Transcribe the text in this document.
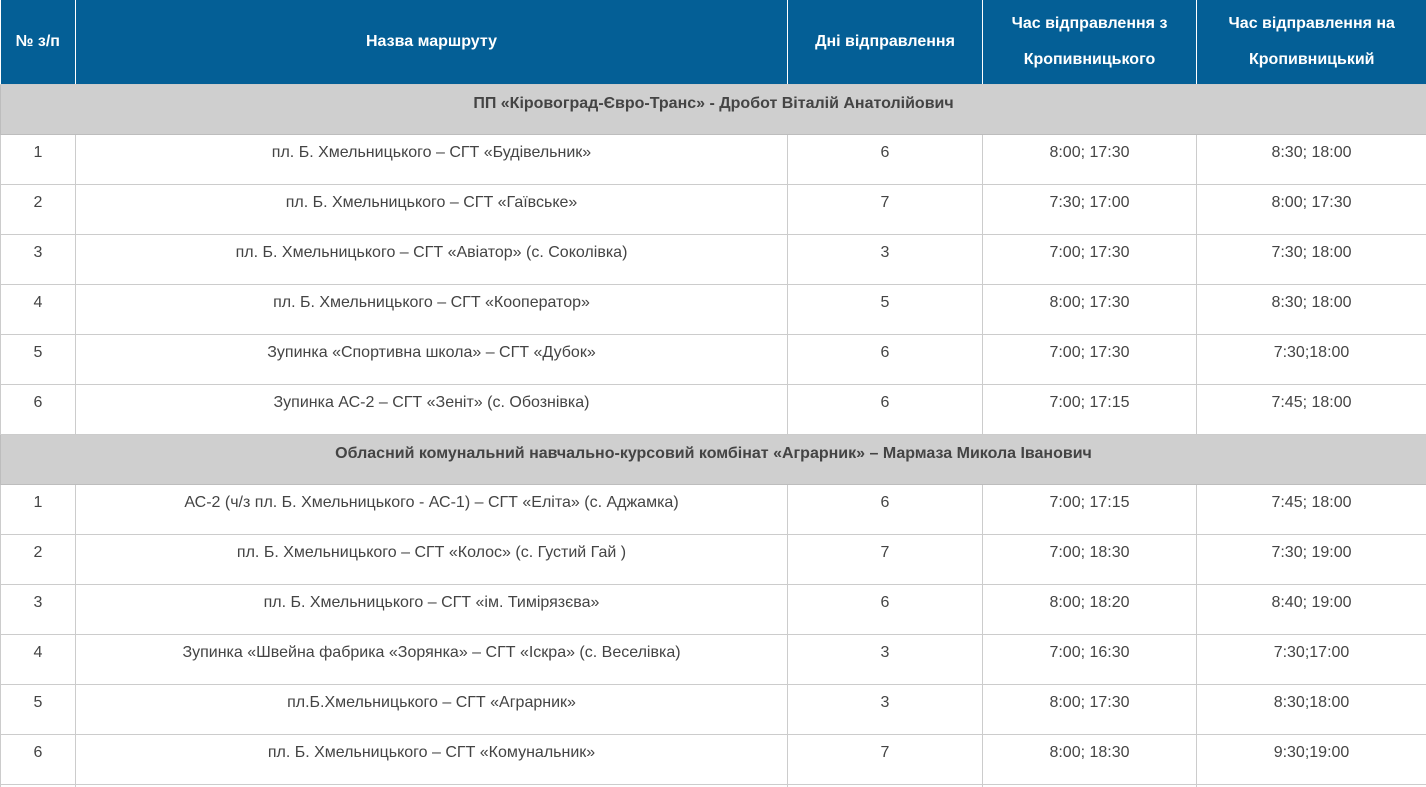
№ з/п	Назва маршруту	Дні відправлення	Час відправлення з Кропивницького	Час відправлення на Кропивницький
ПП «Кіровоград-Євро-Транс» - Дробот Віталій Анатолійович				
1	пл. Б. Хмельницького – СГТ «Будівельник»	6	8:00; 17:30	8:30; 18:00
2	пл. Б. Хмельницького – СГТ «Гаївське»	7	7:30; 17:00	8:00; 17:30
3	пл. Б. Хмельницького – СГТ «Авіатор» (с. Соколівка)	3	7:00; 17:30	7:30; 18:00
4	пл. Б. Хмельницького – СГТ «Кооператор»	5	8:00; 17:30	8:30; 18:00
5	Зупинка «Спортивна школа» – СГТ «Дубок»	6	7:00; 17:30	7:30;18:00
6	Зупинка АС-2 – СГТ «Зеніт» (с. Обознівка)	6	7:00; 17:15	7:45; 18:00
Обласний комунальний навчально-курсовий комбінат «Аграрник» – Мармаза Микола Іванович				
1	АС-2 (ч/з пл. Б. Хмельницького - АС-1) – СГТ «Еліта» (с. Аджамка)	6	7:00; 17:15	7:45; 18:00
2	пл. Б. Хмельницького – СГТ «Колос» (с. Густий Гай )	7	7:00; 18:30	7:30; 19:00
3	пл. Б. Хмельницького – СГТ «ім. Тимірязєва»	6	8:00; 18:20	8:40; 19:00
4	Зупинка «Швейна фабрика «Зорянка» – СГТ «Іскра» (с. Веселівка)	3	7:00; 16:30	7:30;17:00
5	пл.Б.Хмельницького – СГТ «Аграрник»	3	8:00; 17:30	8:30;18:00
6	пл. Б. Хмельницького – СГТ «Комунальник»	7	8:00; 18:30	9:30;19:00
